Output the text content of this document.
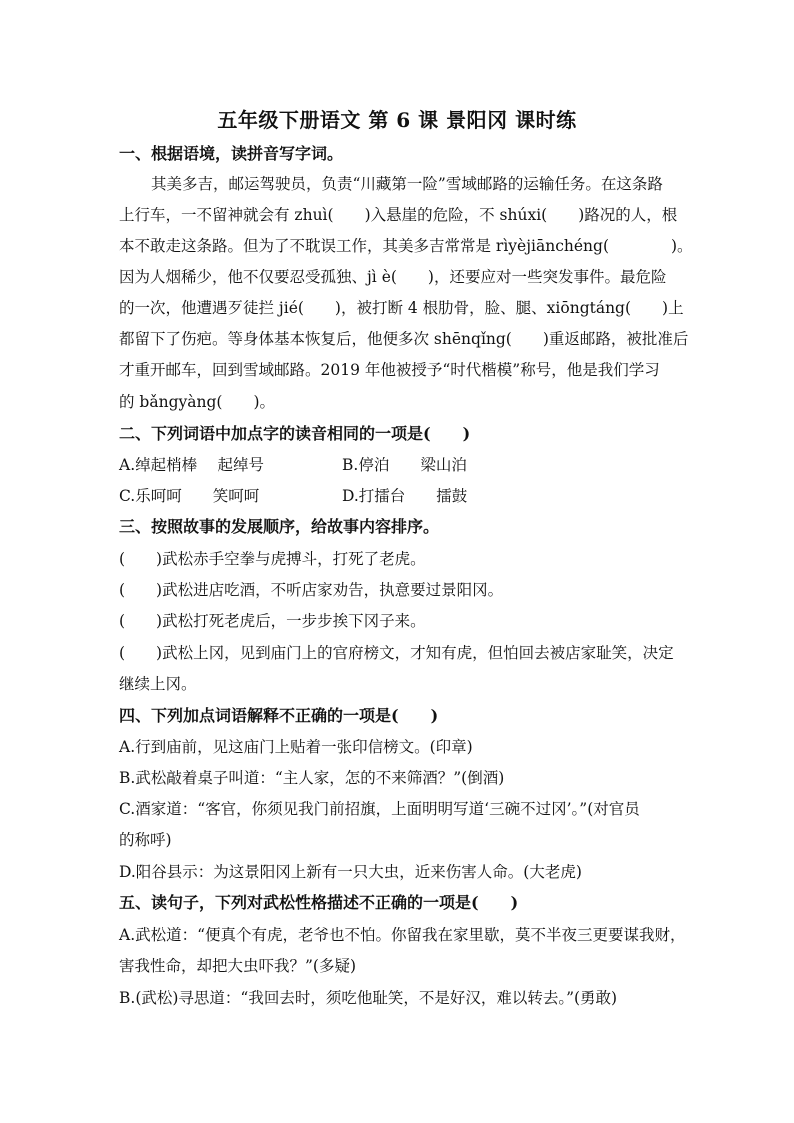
五年级下册语文 第 6 课 景阳冈 课时练
一、根据语境，读拼音写字词。
其美多吉，邮运驾驶员，负责“川藏第一险”雪域邮路的运输任务。在这条路
上行车，一不留神就会有 zhuì(　　)入悬崖的危险，不 shúxi(　　)路况的人，根
本不敢走这条路。但为了不耽误工作，其美多吉常常是 rìyèjiānchéng(　　　　)。
因为人烟稀少，他不仅要忍受孤独、jì è(　　)，还要应对一些突发事件。最危险
的一次，他遭遇歹徒拦 jié(　　)，被打断 4 根肋骨，脸、腿、xiōngtáng(　　)上
都留下了伤疤。等身体基本恢复后，他便多次 shēnqǐng(　　)重返邮路，被批准后
才重开邮车，回到雪域邮路。2019 年他被授予“时代楷模”称号，他是我们学习
的 bǎngyàng(　　)。
二、下列词语中加点字的读音相同的一项是(　　)
A.绰起梢棒　 起绰号	B.停泊　　梁山泊
C.乐呵呵　　笑呵呵	D.打擂台　　擂鼓
三、按照故事的发展顺序，给故事内容排序。
(　　)武松赤手空拳与虎搏斗，打死了老虎。
(　　)武松进店吃酒，不听店家劝告，执意要过景阳冈。
(　　)武松打死老虎后，一步步挨下冈子来。
(　　)武松上冈，见到庙门上的官府榜文，才知有虎，但怕回去被店家耻笑，决定
继续上冈。
四、下列加点词语解释不正确的一项是(　　)
A.行到庙前，见这庙门上贴着一张印信榜文。(印章)
B.武松敲着桌子叫道：“主人家，怎的不来筛酒？”(倒酒)
C.酒家道：“客官，你须见我门前招旗，上面明明写道‘三碗不过冈’。”(对官员
的称呼)
D.阳谷县示：为这景阳冈上新有一只大虫，近来伤害人命。(大老虎)
五、读句子，下列对武松性格描述不正确的一项是(　　)
A.武松道：“便真个有虎，老爷也不怕。你留我在家里歇，莫不半夜三更要谋我财，
害我性命，却把大虫吓我？”(多疑)
B.(武松)寻思道：“我回去时，须吃他耻笑，不是好汉，难以转去。”(勇敢)
